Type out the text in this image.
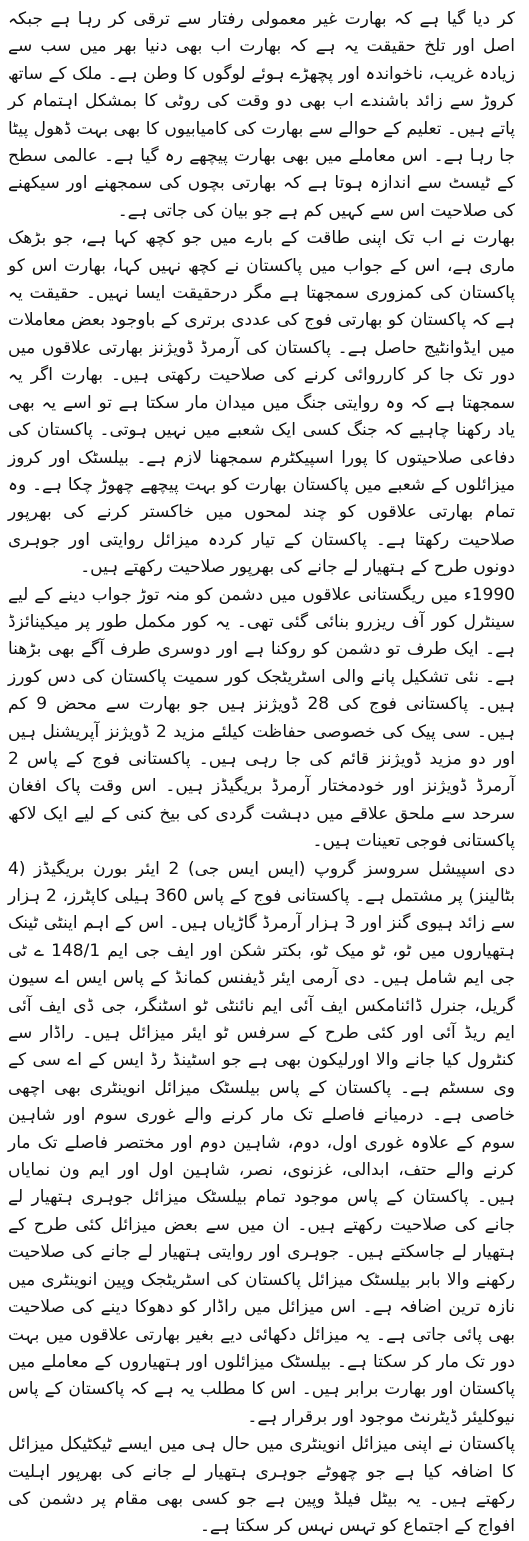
کر دیا گیا ہے کہ بھارت غیر معمولی رفتار سے ترقی کر رہا ہے جبکہ اصل اور تلخ حقیقت یہ ہے کہ بھارت اب بھی دنیا بھر میں سب سے زیادہ غریب، ناخواندہ اور پچھڑے ہوئے لوگوں کا وطن ہے۔ ملک کے ساتھ کروڑ سے زائد باشندے اب بھی دو وقت کی روٹی کا بمشکل اہتمام کر پاتے ہیں۔ تعلیم کے حوالے سے بھارت کی کامیابیوں کا بھی بہت ڈھول پیٹا جا رہا ہے۔ اس معاملے میں بھی بھارت پیچھے رہ گیا ہے۔ عالمی سطح کے ٹیسٹ سے اندازہ ہوتا ہے کہ بھارتی بچوں کی سمجھنے اور سیکھنے کی صلاحیت اس سے کہیں کم ہے جو بیان کی جاتی ہے۔

بھارت نے اب تک اپنی طاقت کے بارے میں جو کچھ کہا ہے، جو بڑھک ماری ہے، اس کے جواب میں پاکستان نے کچھ نہیں کہا، بھارت اس کو پاکستان کی کمزوری سمجھتا ہے مگر درحقیقت ایسا نہیں۔ حقیقت یہ ہے کہ پاکستان کو بھارتی فوج کی عددی برتری کے باوجود بعض معاملات میں ایڈوانٹیج حاصل ہے۔ پاکستان کی آرمرڈ ڈویژنز بھارتی علاقوں میں دور تک جا کر کارروائی کرنے کی صلاحیت رکھتی ہیں۔ بھارت اگر یہ سمجھتا ہے کہ وہ روایتی جنگ میں میدان مار سکتا ہے تو اسے یہ بھی یاد رکھنا چاہیے کہ جنگ کسی ایک شعبے میں نہیں ہوتی۔ پاکستان کی دفاعی صلاحیتوں کا پورا اسپیکٹرم سمجھنا لازم ہے۔ بیلسٹک اور کروز میزائلوں کے شعبے میں پاکستان بھارت کو بہت پیچھے چھوڑ چکا ہے۔ وہ تمام بھارتی علاقوں کو چند لمحوں میں خاکستر کرنے کی بھرپور صلاحیت رکھتا ہے۔ پاکستان کے تیار کردہ میزائل روایتی اور جوہری دونوں طرح کے ہتھیار لے جانے کی بھرپور صلاحیت رکھتے ہیں۔

1990ء میں ریگستانی علاقوں میں دشمن کو منہ توڑ جواب دینے کے لیے سینٹرل کور آف ریزرو بنائی گئی تھی۔ یہ کور مکمل طور پر میکینائزڈ ہے۔ ایک طرف تو دشمن کو روکنا ہے اور دوسری طرف آگے بھی بڑھنا ہے۔ نئی تشکیل پانے والی اسٹریٹجک کور سمیت پاکستان کی دس کورز ہیں۔ پاکستانی فوج کی 28 ڈویژنز ہیں جو بھارت سے محض 9 کم ہیں۔ سی پیک کی خصوصی حفاظت کیلئے مزید 2 ڈویژنز آپریشنل ہیں اور دو مزید ڈویژنز قائم کی جا رہی ہیں۔ پاکستانی فوج کے پاس 2 آرمرڈ ڈویژنز اور خودمختار آرمرڈ بریگیڈز ہیں۔ اس وقت پاک افغان سرحد سے ملحق علاقے میں دہشت گردی کی بیخ کنی کے لیے ایک لاکھ پاکستانی فوجی تعینات ہیں۔

دی اسپیشل سروسز گروپ (ایس ایس جی) 2 ایئر بورن بریگیڈز (4 بٹالینز) پر مشتمل ہے۔ پاکستانی فوج کے پاس 360 ہیلی کاپٹرز، 2 ہزار سے زائد ہیوی گنز اور 3 ہزار آرمرڈ گاڑیاں ہیں۔ اس کے اہم اینٹی ٹینک ہتھیاروں میں ٹو، ٹو میک ٹو، بکتر شکن اور ایف جی ایم 148/1 ے ٹی جی ایم شامل ہیں۔ دی آرمی ایئر ڈیفنس کمانڈ کے پاس ایس اے سیون گریل، جنرل ڈائنامکس ایف آئی ایم نائنٹی ٹو اسٹنگر، جی ڈی ایف آئی ایم ریڈ آئی اور کئی طرح کے سرفس ٹو ایئر میزائل ہیں۔ راڈار سے کنٹرول کیا جانے والا اورلیکون بھی ہے جو اسٹینڈ رڈ ایس کے اے سی کے وی سسٹم ہے۔ پاکستان کے پاس بیلسٹک میزائل انوینٹری بھی اچھی خاصی ہے۔ درمیانے فاصلے تک مار کرنے والے غوری سوم اور شاہین سوم کے علاوہ غوری اول، دوم، شاہین دوم اور مختصر فاصلے تک مار کرنے والے حتف، ابدالی، غزنوی، نصر، شاہین اول اور ایم ون نمایاں ہیں۔ پاکستان کے پاس موجود تمام بیلسٹک میزائل جوہری ہتھیار لے جانے کی صلاحیت رکھتے ہیں۔ ان میں سے بعض میزائل کئی طرح کے ہتھیار لے جاسکتے ہیں۔ جوہری اور روایتی ہتھیار لے جانے کی صلاحیت رکھنے والا بابر بیلسٹک میزائل پاکستان کی اسٹریٹجک وپین انوینٹری میں نازہ ترین اضافہ ہے۔ اس میزائل میں راڈار کو دھوکا دینے کی صلاحیت بھی پائی جاتی ہے۔ یہ میزائل دکھائی دیے بغیر بھارتی علاقوں میں بہت دور تک مار کر سکتا ہے۔ بیلسٹک میزائلوں اور ہتھیاروں کے معاملے میں پاکستان اور بھارت برابر ہیں۔ اس کا مطلب یہ ہے کہ پاکستان کے پاس نیوکلیئر ڈیٹرنٹ موجود اور برقرار ہے۔

پاکستان نے اپنی میزائل انوینٹری میں حال ہی میں ایسے ٹیکٹیکل میزائل کا اضافہ کیا ہے جو چھوٹے جوہری ہتھیار لے جانے کی بھرپور اہلیت رکھتے ہیں۔ یہ بیٹل فیلڈ وپین ہے جو کسی بھی مقام پر دشمن کی افواج کے اجتماع کو تہس نہس کر سکتا ہے۔
